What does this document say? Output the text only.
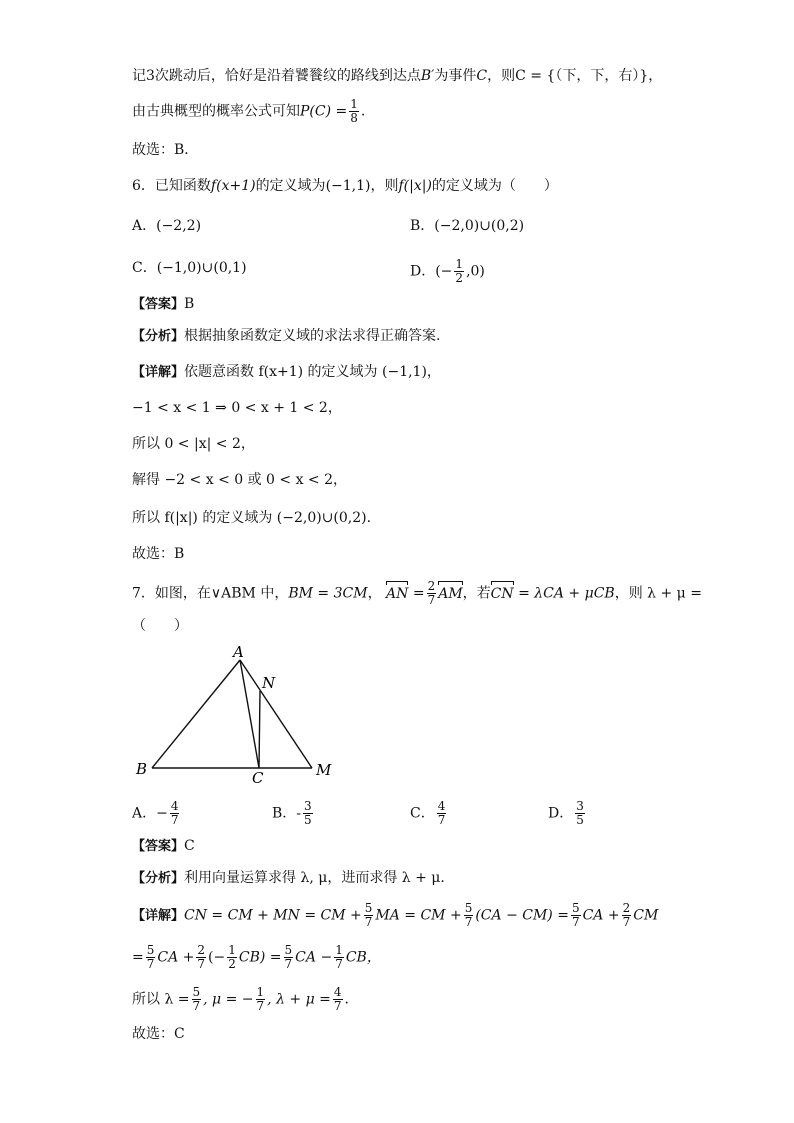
记3次跳动后，恰好是沿着饕餮纹的路线到达点B′为事件C，则C = {（下，下，右）}，
由古典概型的概率公式可知$P(C) = \frac{1}{8}$ .
故选：B．
6．已知函数f(x+1)的定义域为(−1,1)，则f(|x|)的定义域为（　　）
A．(−2,2)	B．(−2,0)∪(0,2)
C．(−1,0)∪(0,1)	D．(− $\frac{1}{2} ,0$)
【答案】B
【分析】根据抽象函数定义域的求法求得正确答案.
【详解】依题意函数 f(x+1) 的定义域为 (−1,1)，
−1 < x < 1 ⇒ 0 < x + 1 < 2，
所以 0 < |x| < 2，
解得 −2 < x < 0 或 0 < x < 2，
所以 f(|x|) 的定义域为 (−2,0)∪(0,2).
故选：B
7．如图，在∨ABM 中，BM = 3CM， AN = $\frac{2}{7}$ AM，若CN = λCA + μCB，则 λ + μ =
（　　）
A
N
B	C	M
A．− $\frac{4}{7}$	B．- $\frac{3}{5}$	C． $\frac{4}{7}$	D． $\frac{3}{5}$
【答案】C
【分析】利用向量运算求得 λ, μ，进而求得 λ + μ.
【详解】CN = CM + MN = CM + $\frac{5}{7}$ MA = CM + $\frac{5}{7} (CA - CM) = \frac{5}{7}$ CA + $\frac{2}{7}$ CM
= $\frac{5}{7}$ CA + $\frac{2}{7}$ (− $\frac{1}{2} CB) = \frac{5}{7}$ CA − $\frac{1}{7}$ CB，
所以 $\lambda = \frac{5}{7}$ , μ = − $\frac{1}{7}$ , $\lambda + \mu = \frac{4}{7}$ .
故选：C
